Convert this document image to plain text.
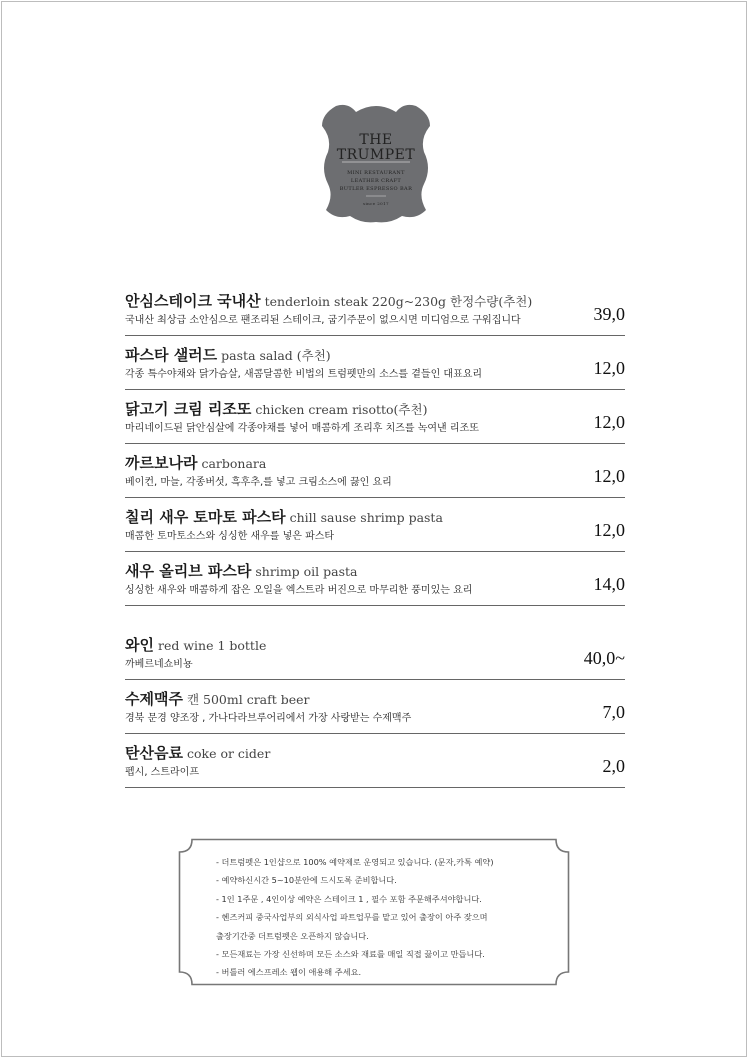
THE
TRUMPET
MINI RESTAURANT
LEATHER CRAFT
BUTLER ESPRESSO BAR
since 2017
안심스테이크 국내산 tenderloin steak 220g~230g 한정수량(추천)
국내산 최상급 소안심으로 팬조리된 스테이크, 굽기주문이 없으시면 미디엄으로 구워집니다	39,0
파스타 샐러드 pasta salad (추천)
각종 특수야채와 닭가슴살, 새콤달콤한 비법의 트럼펫만의 소스를 곁들인 대표요리	12,0
닭고기 크림 리조또 chicken cream risotto(추천)
마리네이드된 닭안심살에 각종야채를 넣어 매콤하게 조리후 치즈를 녹여낸 리조또	12,0
까르보나라 carbonara
베이컨, 마늘, 각종버섯, 흑후추,를 넣고 크림소스에 끓인 요리	12,0
칠리 새우 토마토 파스타 chill sause shrimp pasta
매콤한 토마토소스와 싱싱한 새우를 넣은 파스타	12,0
새우 올리브 파스타 shrimp oil pasta
싱싱한 새우와 매콤하게 잡은 오일을 엑스트라 버진으로 마무리한 풍미있는 요리	14,0
와인 red wine 1 bottle
까베르네쇼비뇽	40,0~
수제맥주 캔 500ml craft beer
경북 문경 양조장 , 가나다라브루어리에서 가장 사랑받는 수제맥주	7,0
탄산음료 coke or cider
펩시, 스트라이프	2,0
- 더트럼펫은 1인샵으로 100% 예약제로 운영되고 있습니다. (문자,카톡 예약)
- 예약하신시간 5~10분안에 드시도록 준비합니다.
- 1인 1주문 , 4인이상 예약은 스테이크 1 , 필수 포함 주문해주셔야합니다.
- 헨즈커피 중국사업부의 외식사업 파트업무를 맡고 있어 출장이 아주 잦으며
출장기간중 더트럼펫은 오픈하지 않습니다.
- 모든재료는 가장 신선하며 모든 소스와 재료를 매일 직접 끓이고 만듭니다.
- 버틀러 에스프레소 웹이 애용해 주세요.
